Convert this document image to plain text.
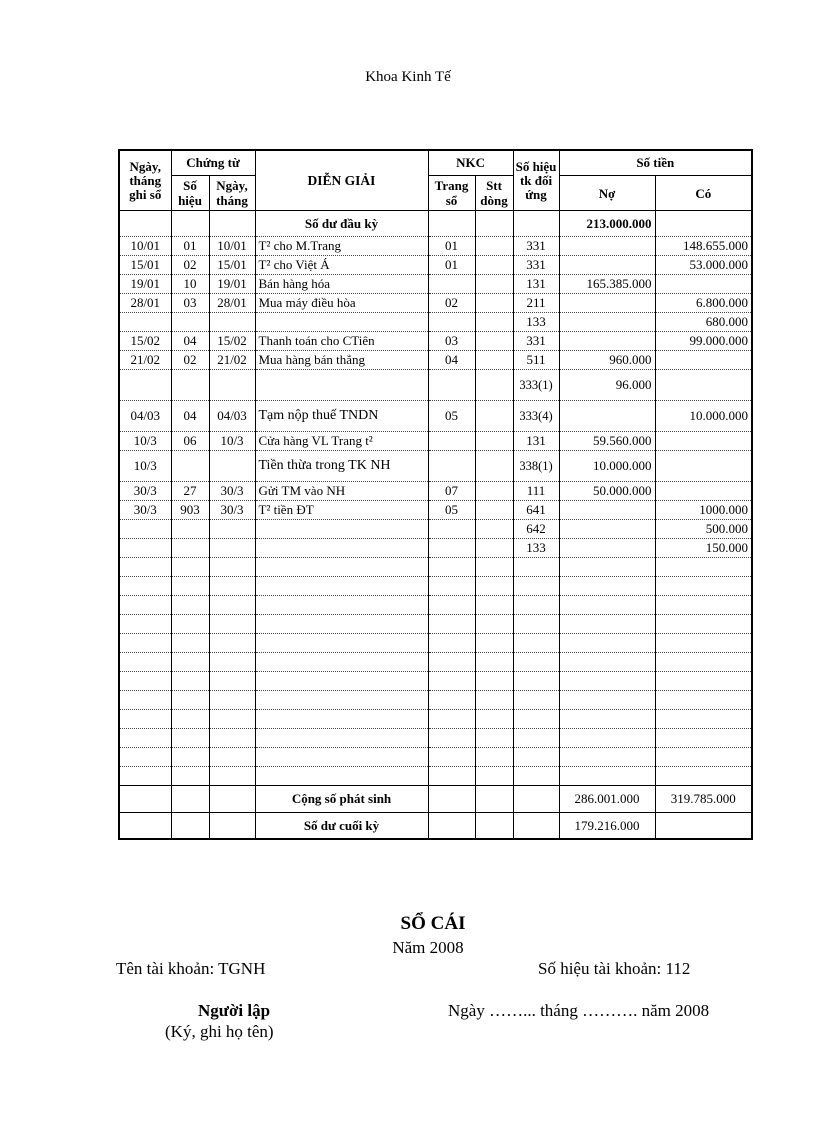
Khoa Kinh Tế
Ngày, tháng ghi sổ	Chứng từ		DIỄN GIẢI	NKC		Số hiệu tk đối ứng	Số tiền	
	Số hiệu	Ngày, tháng		Trang sổ	Stt dòng		Nợ	Có
			Số dư đầu kỳ				213.000.000	
10/01	01	10/01	T² cho M.Trang	01		331		148.655.000
15/01	02	15/01	T² cho Việt Á	01		331		53.000.000
19/01	10	19/01	Bán hàng hóa			131	165.385.000	
28/01	03	28/01	Mua máy điều hòa	02		211		6.800.000
						133		680.000
15/02	04	15/02	Thanh toán cho CTiên	03		331		99.000.000
21/02	02	21/02	Mua hàng bán thẳng	04		511	960.000	
						333(1)	96.000	
04/03	04	04/03	Tạm nộp thuế TNDN	05		333(4)		10.000.000
10/3	06	10/3	Cửa hàng VL Trang t²			131	59.560.000	
10/3			Tiền thừa trong TK NH			338(1)	10.000.000	
30/3	27	30/3	Gửi TM vào NH	07		111	50.000.000	
30/3	903	30/3	T² tiền ĐT	05		641		1000.000
						642		500.000
						133		150.000

			Cộng số phát sinh				286.001.000	319.785.000
			Số dư cuối kỳ				179.216.000	
SỔ CÁI
Năm 2008
Tên tài khoản: TGNH	Số hiệu tài khoản: 112
Người lập
(Ký, ghi họ tên)
Ngày ……... tháng ………. năm 2008
